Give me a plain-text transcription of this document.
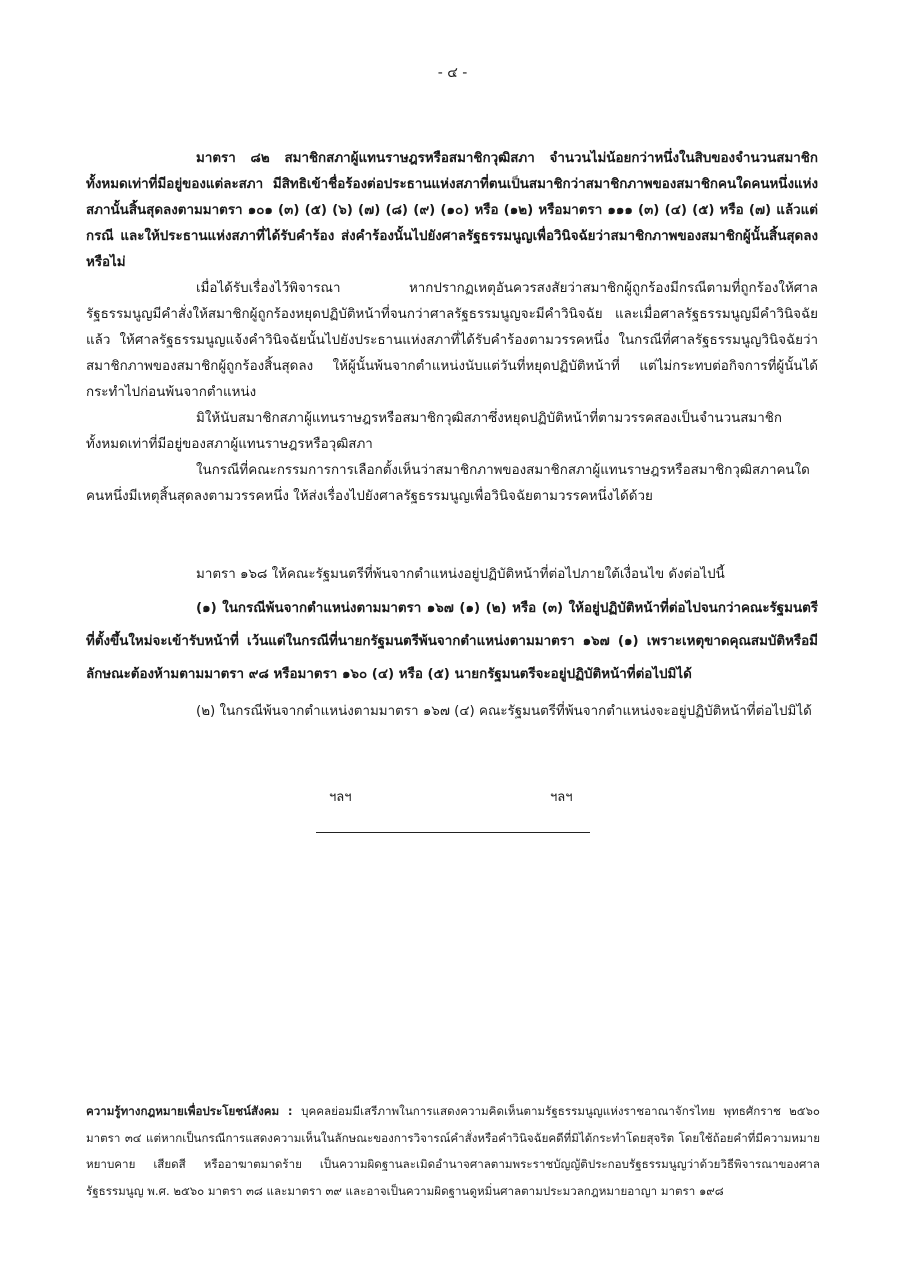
- ๔ -

มาตรา ๘๒ สมาชิกสภาผู้แทนราษฎรหรือสมาชิกวุฒิสภา จำนวนไม่น้อยกว่าหนึ่งในสิบของจำนวนสมาชิกทั้งหมดเท่าที่มีอยู่ของแต่ละสภา มีสิทธิเข้าชื่อร้องต่อประธานแห่งสภาที่ตนเป็นสมาชิกว่าสมาชิกภาพของสมาชิกคนใดคนหนึ่งแห่งสภานั้นสิ้นสุดลงตามมาตรา ๑๐๑ (๓) (๕) (๖) (๗) (๘) (๙) (๑๐) หรือ (๑๒) หรือมาตรา ๑๑๑ (๓) (๔) (๕) หรือ (๗) แล้วแต่กรณี และให้ประธานแห่งสภาที่ได้รับคำร้อง ส่งคำร้องนั้นไปยังศาลรัฐธรรมนูญเพื่อวินิจฉัยว่าสมาชิกภาพของสมาชิกผู้นั้นสิ้นสุดลงหรือไม่

เมื่อได้รับเรื่องไว้พิจารณา หากปรากฏเหตุอันควรสงสัยว่าสมาชิกผู้ถูกร้องมีกรณีตามที่ถูกร้องให้ศาลรัฐธรรมนูญมีคำสั่งให้สมาชิกผู้ถูกร้องหยุดปฏิบัติหน้าที่จนกว่าศาลรัฐธรรมนูญจะมีคำวินิจฉัย และเมื่อศาลรัฐธรรมนูญมีคำวินิจฉัยแล้ว ให้ศาลรัฐธรรมนูญแจ้งคำวินิจฉัยนั้นไปยังประธานแห่งสภาที่ได้รับคำร้องตามวรรคหนึ่ง ในกรณีที่ศาลรัฐธรรมนูญวินิจฉัยว่าสมาชิกภาพของสมาชิกผู้ถูกร้องสิ้นสุดลง ให้ผู้นั้นพ้นจากตำแหน่งนับแต่วันที่หยุดปฏิบัติหน้าที่ แต่ไม่กระทบต่อกิจการที่ผู้นั้นได้กระทำไปก่อนพ้นจากตำแหน่ง

มิให้นับสมาชิกสภาผู้แทนราษฎรหรือสมาชิกวุฒิสภาซึ่งหยุดปฏิบัติหน้าที่ตามวรรคสองเป็นจำนวนสมาชิกทั้งหมดเท่าที่มีอยู่ของสภาผู้แทนราษฎรหรือวุฒิสภา

ในกรณีที่คณะกรรมการการเลือกตั้งเห็นว่าสมาชิกภาพของสมาชิกสภาผู้แทนราษฎรหรือสมาชิกวุฒิสภาคนใดคนหนึ่งมีเหตุสิ้นสุดลงตามวรรคหนึ่ง ให้ส่งเรื่องไปยังศาลรัฐธรรมนูญเพื่อวินิจฉัยตามวรรคหนึ่งได้ด้วย

มาตรา ๑๖๘ ให้คณะรัฐมนตรีที่พ้นจากตำแหน่งอยู่ปฏิบัติหน้าที่ต่อไปภายใต้เงื่อนไข ดังต่อไปนี้

(๑) ในกรณีพ้นจากตำแหน่งตามมาตรา ๑๖๗ (๑) (๒) หรือ (๓) ให้อยู่ปฏิบัติหน้าที่ต่อไปจนกว่าคณะรัฐมนตรีที่ตั้งขึ้นใหม่จะเข้ารับหน้าที่ เว้นแต่ในกรณีที่นายกรัฐมนตรีพ้นจากตำแหน่งตามมาตรา ๑๖๗ (๑) เพราะเหตุขาดคุณสมบัติหรือมีลักษณะต้องห้ามตามมาตรา ๙๘ หรือมาตรา ๑๖๐ (๔) หรือ (๕) นายกรัฐมนตรีจะอยู่ปฏิบัติหน้าที่ต่อไปมิได้

(๒) ในกรณีพ้นจากตำแหน่งตามมาตรา ๑๖๗ (๔) คณะรัฐมนตรีที่พ้นจากตำแหน่งจะอยู่ปฏิบัติหน้าที่ต่อไปมิได้

ฯลฯ	ฯลฯ
ความรู้ทางกฎหมายเพื่อประโยชน์สังคม : บุคคลย่อมมีเสรีภาพในการแสดงความคิดเห็นตามรัฐธรรมนูญแห่งราชอาณาจักรไทย พุทธศักราช ๒๕๖๐ มาตรา ๓๔ แต่หากเป็นกรณีการแสดงความเห็นในลักษณะของการวิจารณ์คำสั่งหรือคำวินิจฉัยคดีที่มิได้กระทำโดยสุจริต โดยใช้ถ้อยคำที่มีความหมายหยาบคาย เสียดสี หรืออาฆาตมาดร้าย เป็นความผิดฐานละเมิดอำนาจศาลตามพระราชบัญญัติประกอบรัฐธรรมนูญว่าด้วยวิธีพิจารณาของศาลรัฐธรรมนูญ พ.ศ. ๒๕๖๐ มาตรา ๓๘ และมาตรา ๓๙ และอาจเป็นความผิดฐานดูหมิ่นศาลตามประมวลกฎหมายอาญา มาตรา ๑๙๘
